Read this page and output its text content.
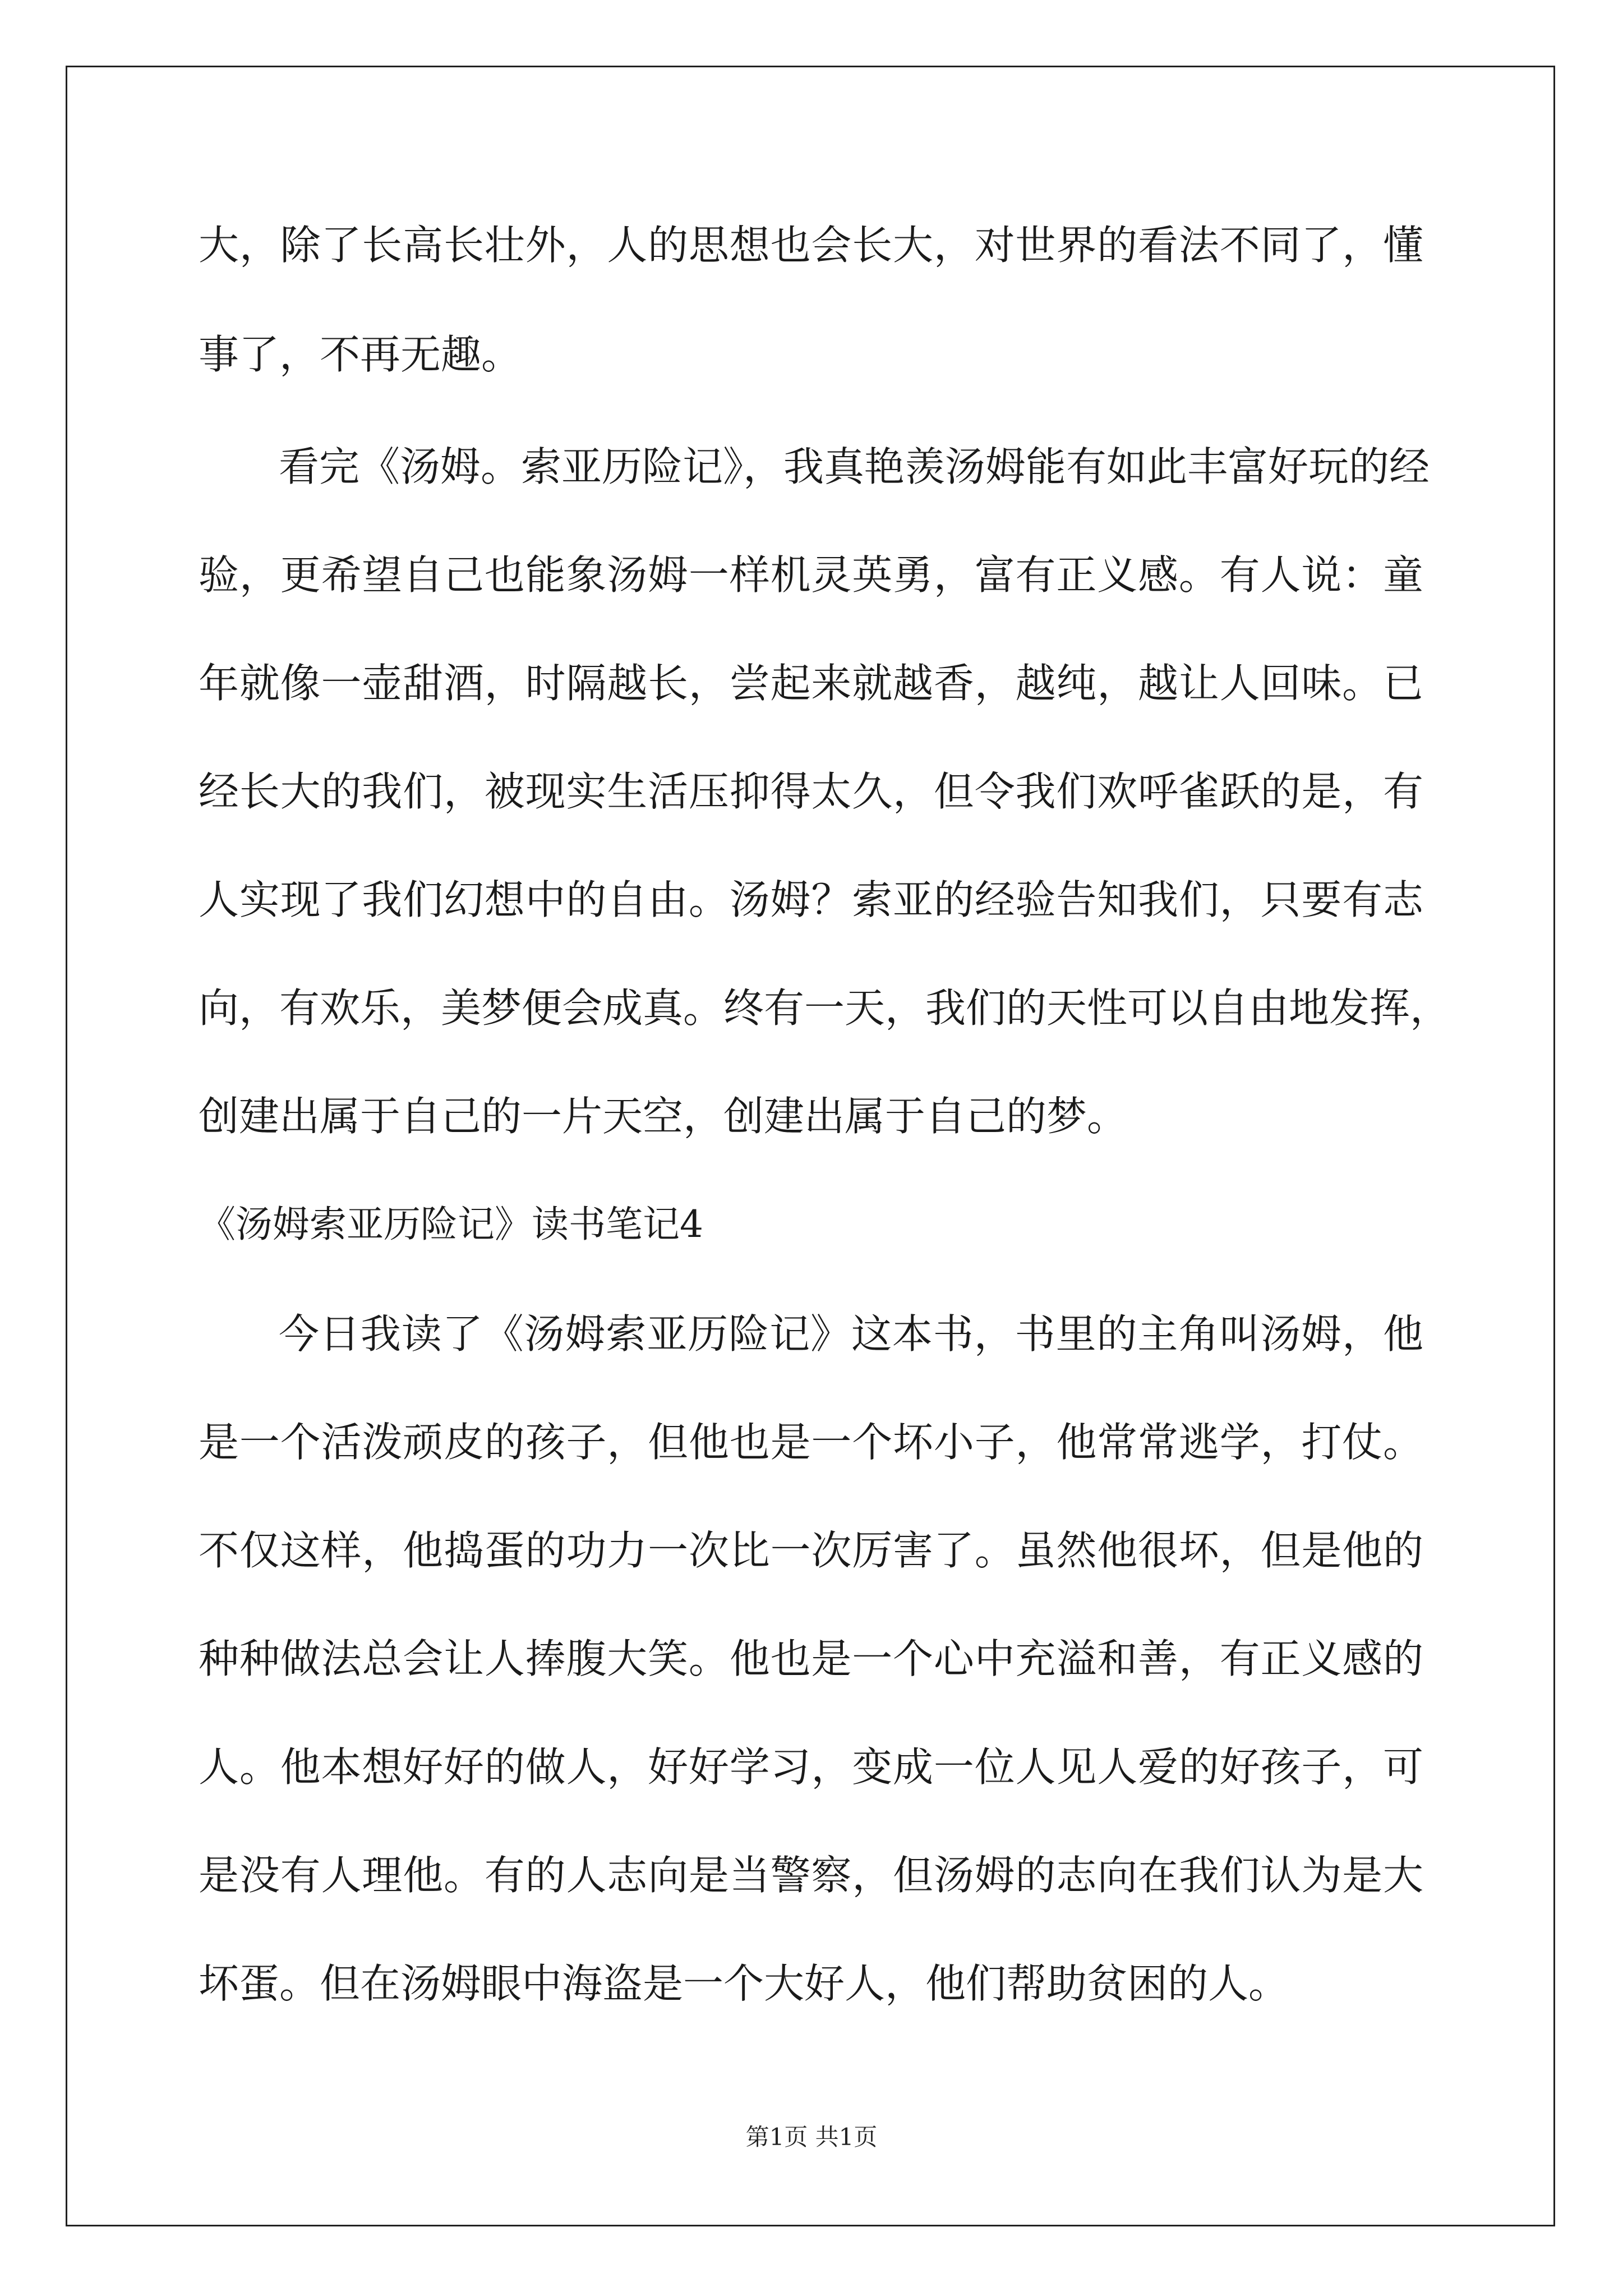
大，除了长高长壮外，人的思想也会长大，对世界的看法不同了，懂
事了，不再无趣。
看完《汤姆。索亚历险记》，我真艳羡汤姆能有如此丰富好玩的经
验，更希望自己也能象汤姆一样机灵英勇，富有正义感。有人说：童
年就像一壶甜酒，时隔越长，尝起来就越香，越纯，越让人回味。已
经长大的我们，被现实生活压抑得太久，但令我们欢呼雀跃的是，有
人实现了我们幻想中的自由。汤姆？索亚的经验告知我们，只要有志
向，有欢乐，美梦便会成真。终有一天，我们的天性可以自由地发挥，
创建出属于自己的一片天空，创建出属于自己的梦。
《汤姆索亚历险记》读书笔记4
今日我读了《汤姆索亚历险记》这本书，书里的主角叫汤姆，他
是一个活泼顽皮的孩子，但他也是一个坏小子，他常常逃学，打仗。
不仅这样，他捣蛋的功力一次比一次厉害了。虽然他很坏，但是他的
种种做法总会让人捧腹大笑。他也是一个心中充溢和善，有正义感的
人。他本想好好的做人，好好学习，变成一位人见人爱的好孩子，可
是没有人理他。有的人志向是当警察，但汤姆的志向在我们认为是大
坏蛋。但在汤姆眼中海盗是一个大好人，他们帮助贫困的人。
第1页 共1页
